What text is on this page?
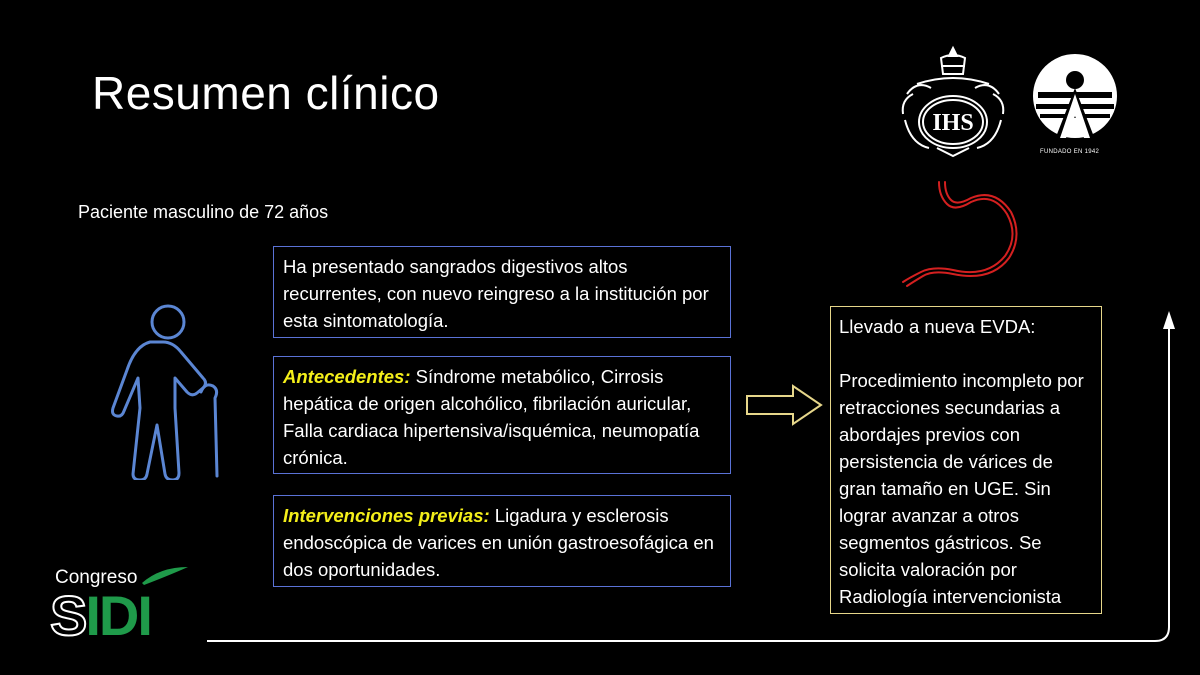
Resumen clínico
Paciente masculino de 72 años
Ha presentado sangrados digestivos altos recurrentes, con nuevo reingreso a la institución por esta sintomatología.
Antecedentes: Síndrome metabólico, Cirrosis hepática de origen alcohólico, fibrilación auricular, Falla cardiaca hipertensiva/isquémica, neumopatía crónica.
Intervenciones previas: Ligadura y esclerosis endoscópica de varices en unión gastroesofágica en dos oportunidades.
IHS
FUNDADO EN 1942
Llevado a nueva EVDA:
Procedimiento incompleto por retracciones secundarias a abordajes previos con persistencia de várices de gran tamaño en UGE. Sin lograr avanzar a otros segmentos gástricos. Se solicita valoración por Radiología intervencionista
Congreso
SIDI
